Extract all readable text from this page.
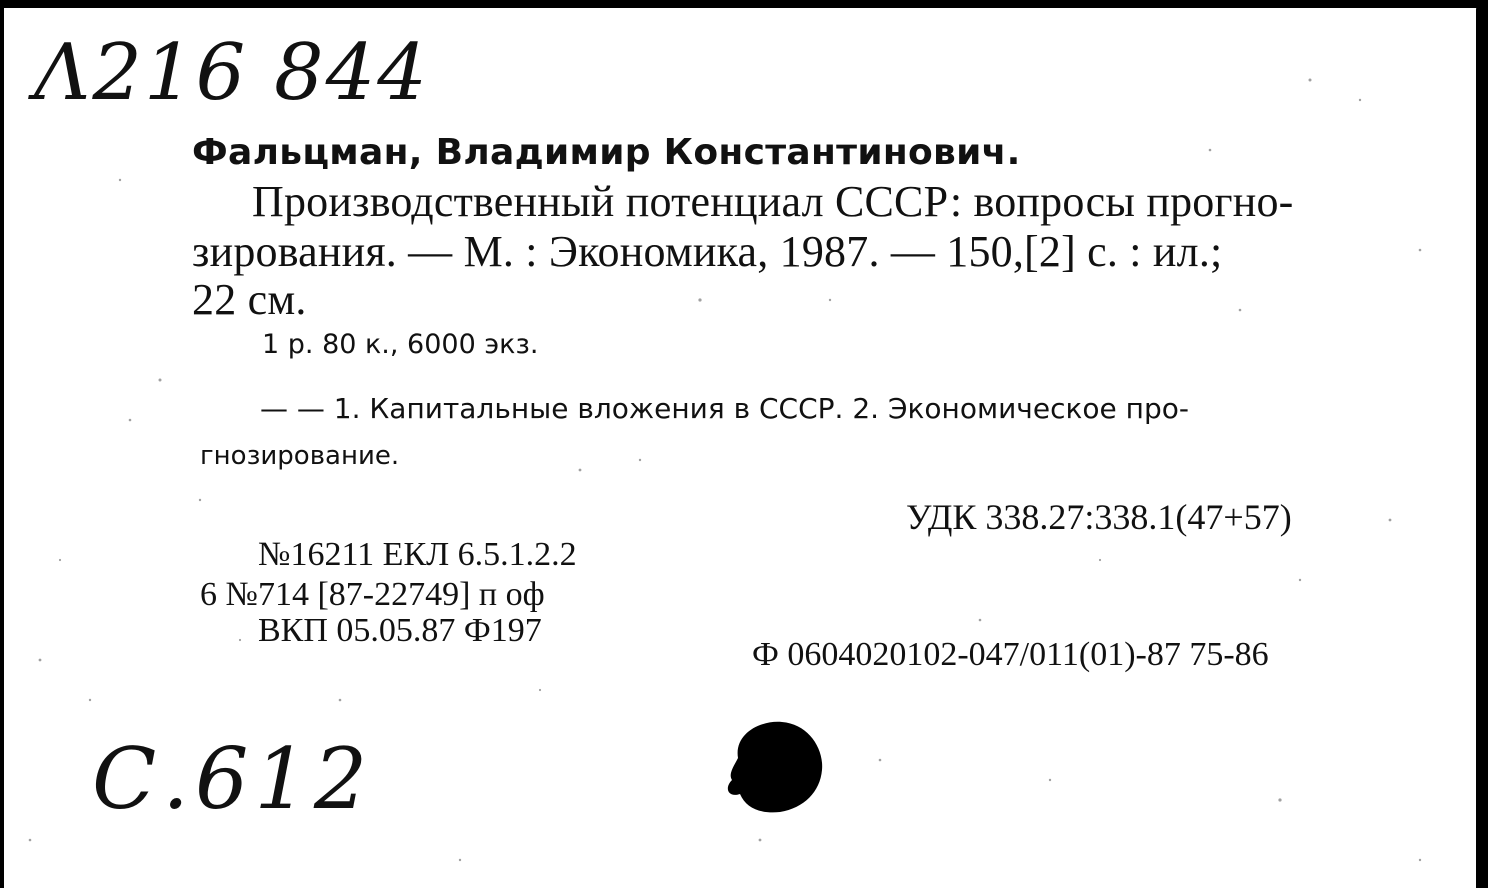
Λ216 844
Фальцман, Владимир Константинович.
Производственный потенциал СССР: вопросы прогно-
зирования. — М. : Экономика, 1987. — 150,[2] с. : ил.;
22 см.
1 р. 80 к., 6000 экз.
— — 1. Капитальные вложения в СССР. 2. Экономическое про-
гнозирование.
УДК 338.27:338.1(47+57)
№16211 ЕКЛ 6.5.1.2.2
6 №714 [87-22749] п оф
ВКП 05.05.87 Ф197
Ф 0604020102-047/011(01)-87 75-86
С.612
